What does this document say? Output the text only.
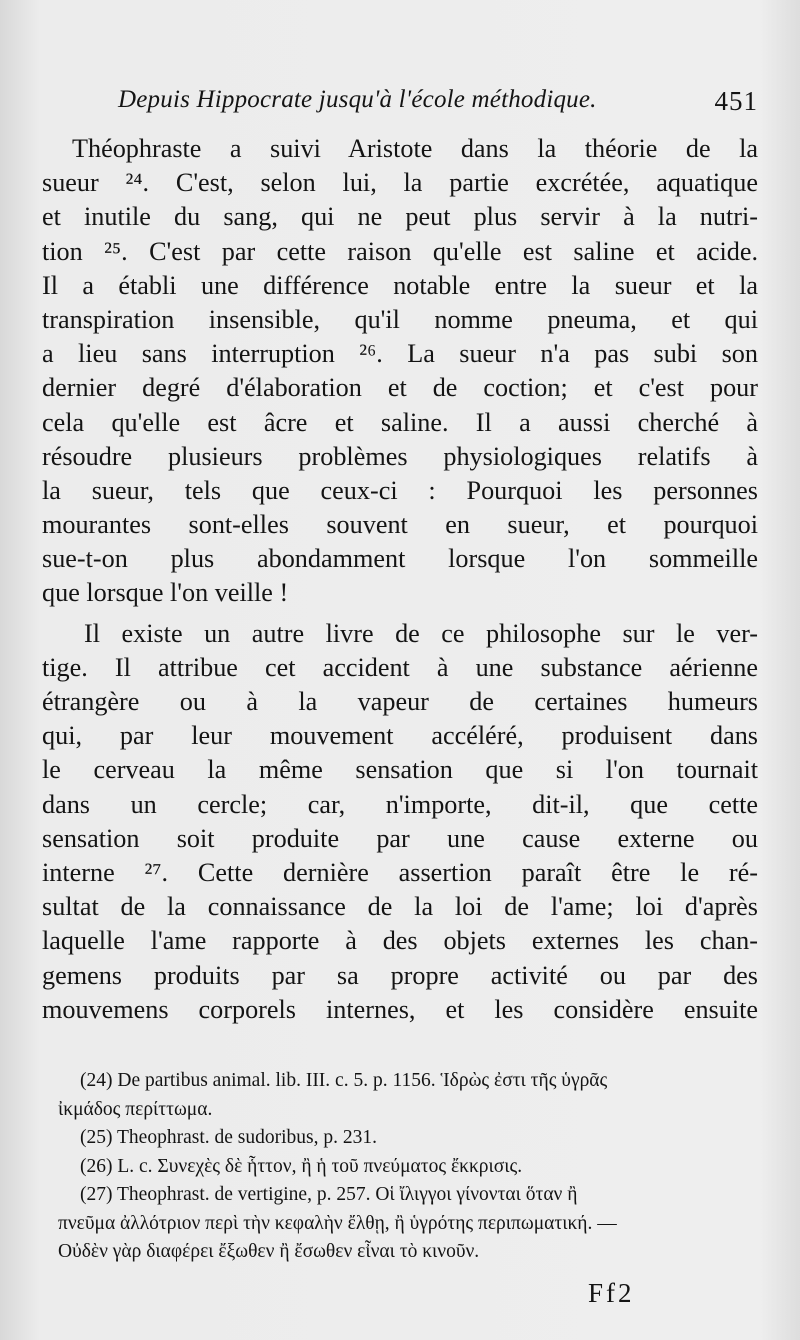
Depuis Hippocrate jusqu'à l'école méthodique.	451
Théophraste a suivi Aristote dans la théorie de la
sueur ²⁴. C'est, selon lui, la partie excrétée, aquatique
et inutile du sang, qui ne peut plus servir à la nutri-
tion ²⁵. C'est par cette raison qu'elle est saline et acide.
Il a établi une différence notable entre la sueur et la
transpiration insensible, qu'il nomme pneuma, et qui
a lieu sans interruption ²⁶. La sueur n'a pas subi son
dernier degré d'élaboration et de coction; et c'est pour
cela qu'elle est âcre et saline. Il a aussi cherché à
résoudre plusieurs problèmes physiologiques relatifs à
la sueur, tels que ceux-ci : Pourquoi les personnes
mourantes sont-elles souvent en sueur, et pourquoi
sue-t-on plus abondamment lorsque l'on sommeille
que lorsque l'on veille !
Il existe un autre livre de ce philosophe sur le ver-
tige. Il attribue cet accident à une substance aérienne
étrangère ou à la vapeur de certaines humeurs
qui, par leur mouvement accéléré, produisent dans
le cerveau la même sensation que si l'on tournait
dans un cercle; car, n'importe, dit-il, que cette
sensation soit produite par une cause externe ou
interne ²⁷. Cette dernière assertion paraît être le ré-
sultat de la connaissance de la loi de l'ame; loi d'après
laquelle l'ame rapporte à des objets externes les chan-
gemens produits par sa propre activité ou par des
mouvemens corporels internes, et les considère ensuite
(24) De partibus animal. lib. III. c. 5. p. 1156. Ἱδρὼς ἐστι τῆς ὑγρᾶς
ἰκμάδος περίττωμα.
(25) Theophrast. de sudoribus, p. 231.
(26) L. c. Συνεχὲς δὲ ἧττον, ἢ ἡ τοῦ πνεύματος ἔκκρισις.
(27) Theophrast. de vertigine, p. 257. Οἱ ἴλιγγοι γίνονται ὅταν ἢ
πνεῦμα ἀλλότριον περὶ τὴν κεφαλὴν ἔλθῃ, ἢ ὑγρότης περιπωματική. —
Οὐδὲν γὰρ διαφέρει ἔξωθεν ἢ ἔσωθεν εἶναι τὸ κινοῦν.
Ff2
